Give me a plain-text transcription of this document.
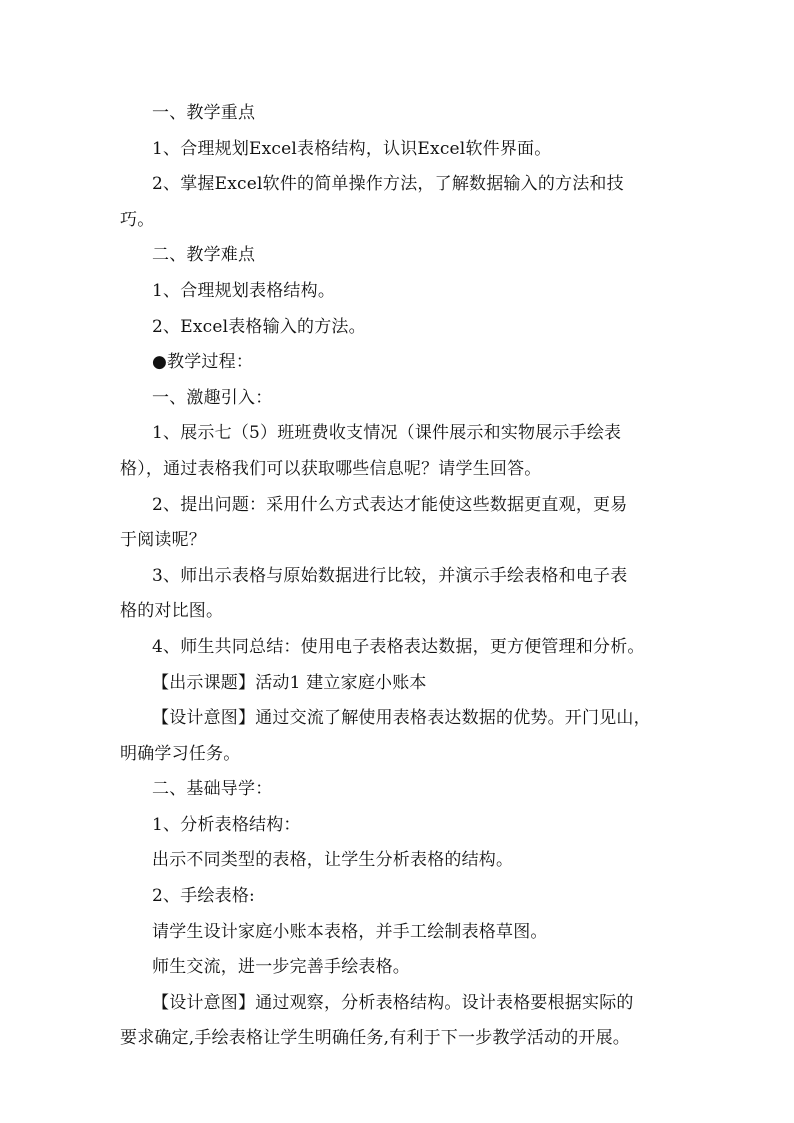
一、教学重点
1、合理规划Excel表格结构，认识Excel软件界面。
2、掌握Excel软件的简单操作方法，了解数据输入的方法和技
巧。
二、教学难点
1、合理规划表格结构。
2、Excel表格输入的方法。
●教学过程：
一、激趣引入：
1、展示七（5）班班费收支情况（课件展示和实物展示手绘表
格），通过表格我们可以获取哪些信息呢？请学生回答。
2、提出问题：采用什么方式表达才能使这些数据更直观，更易
于阅读呢？
3、师出示表格与原始数据进行比较，并演示手绘表格和电子表
格的对比图。
4、师生共同总结：使用电子表格表达数据，更方便管理和分析。
【出示课题】活动1 建立家庭小账本
【设计意图】通过交流了解使用表格表达数据的优势。开门见山，
明确学习任务。
二、基础导学：
1、分析表格结构：
出示不同类型的表格，让学生分析表格的结构。
2、手绘表格:
请学生设计家庭小账本表格，并手工绘制表格草图。
师生交流，进一步完善手绘表格。
【设计意图】通过观察，分析表格结构。设计表格要根据实际的
要求确定,手绘表格让学生明确任务,有利于下一步教学活动的开展。
